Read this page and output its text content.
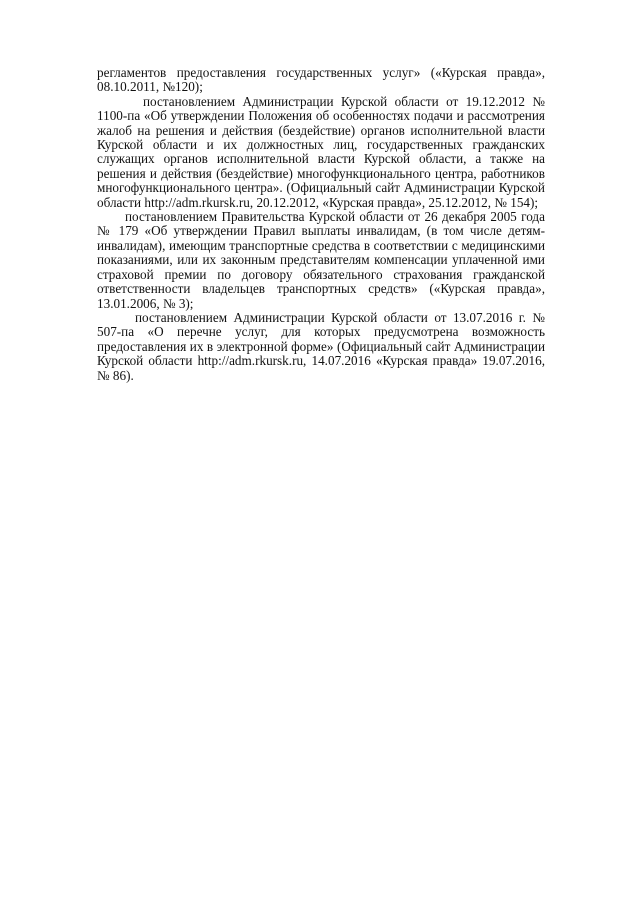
регламентов предоставления государственных услуг» («Курская правда», 08.10.2011, №120);

постановлением Администрации Курской области от 19.12.2012 № 1100-па «Об утверждении Положения об особенностях подачи и рассмотрения жалоб на решения и действия (бездействие) органов исполнительной власти Курской области и их должностных лиц, государственных гражданских служащих органов исполнительной власти Курской области, а также на решения и действия (бездействие) многофункционального центра, работников многофункционального центра». (Официальный сайт Администрации Курской области http://adm.rkursk.ru, 20.12.2012, «Курская правда», 25.12.2012, № 154);

постановлением Правительства Курской области от 26 декабря 2005 года № 179 «Об утверждении Правил выплаты инвалидам, (в том числе детям-инвалидам), имеющим транспортные средства в соответствии с медицинскими показаниями, или их законным представителям компенсации уплаченной ими страховой премии по договору обязательного страхования гражданской ответственности владельцев транспортных средств» («Курская правда», 13.01.2006, № 3);

постановлением Администрации Курской области от 13.07.2016 г. № 507-па «О перечне услуг, для которых предусмотрена возможность предоставления их в электронной форме» (Официальный сайт Администрации Курской области http://adm.rkursk.ru, 14.07.2016 «Курская правда» 19.07.2016, № 86).
